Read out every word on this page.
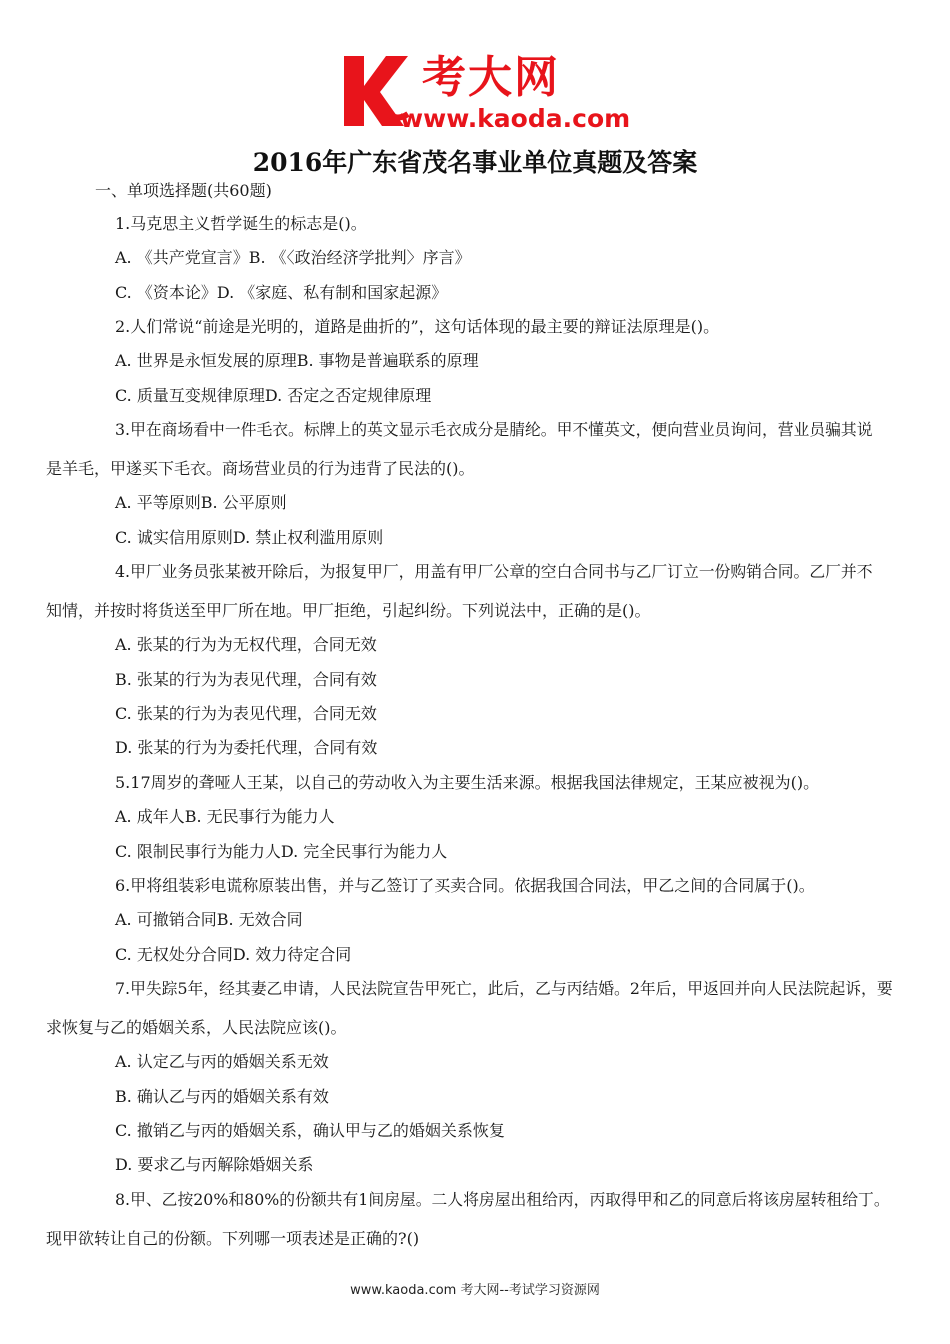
考大网
www.kaoda.com
2016年广东省茂名事业单位真题及答案
一、单项选择题(共60题)
1.马克思主义哲学诞生的标志是()。
A. 《共产党宣言》B. 《〈政治经济学批判〉序言》
C. 《资本论》D. 《家庭、私有制和国家起源》
2.人们常说“前途是光明的，道路是曲折的”，这句话体现的最主要的辩证法原理是()。
A. 世界是永恒发展的原理B. 事物是普遍联系的原理
C. 质量互变规律原理D. 否定之否定规律原理
3.甲在商场看中一件毛衣。标牌上的英文显示毛衣成分是腈纶。甲不懂英文，便向营业员询问，营业员骗其说
是羊毛，甲遂买下毛衣。商场营业员的行为违背了民法的()。
A. 平等原则B. 公平原则
C. 诚实信用原则D. 禁止权利滥用原则
4.甲厂业务员张某被开除后，为报复甲厂，用盖有甲厂公章的空白合同书与乙厂订立一份购销合同。乙厂并不
知情，并按时将货送至甲厂所在地。甲厂拒绝，引起纠纷。下列说法中，正确的是()。
A. 张某的行为为无权代理，合同无效
B. 张某的行为为表见代理，合同有效
C. 张某的行为为表见代理，合同无效
D. 张某的行为为委托代理，合同有效
5.17周岁的聋哑人王某，以自己的劳动收入为主要生活来源。根据我国法律规定，王某应被视为()。
A. 成年人B. 无民事行为能力人
C. 限制民事行为能力人D. 完全民事行为能力人
6.甲将组装彩电谎称原装出售，并与乙签订了买卖合同。依据我国合同法，甲乙之间的合同属于()。
A. 可撤销合同B. 无效合同
C. 无权处分合同D. 效力待定合同
7.甲失踪5年，经其妻乙申请，人民法院宣告甲死亡，此后，乙与丙结婚。2年后，甲返回并向人民法院起诉，要
求恢复与乙的婚姻关系，人民法院应该()。
A. 认定乙与丙的婚姻关系无效
B. 确认乙与丙的婚姻关系有效
C. 撤销乙与丙的婚姻关系，确认甲与乙的婚姻关系恢复
D. 要求乙与丙解除婚姻关系
8.甲、乙按20%和80%的份额共有1间房屋。二人将房屋出租给丙，丙取得甲和乙的同意后将该房屋转租给丁。
现甲欲转让自己的份额。下列哪一项表述是正确的?()
www.kaoda.com 考大网--考试学习资源网
